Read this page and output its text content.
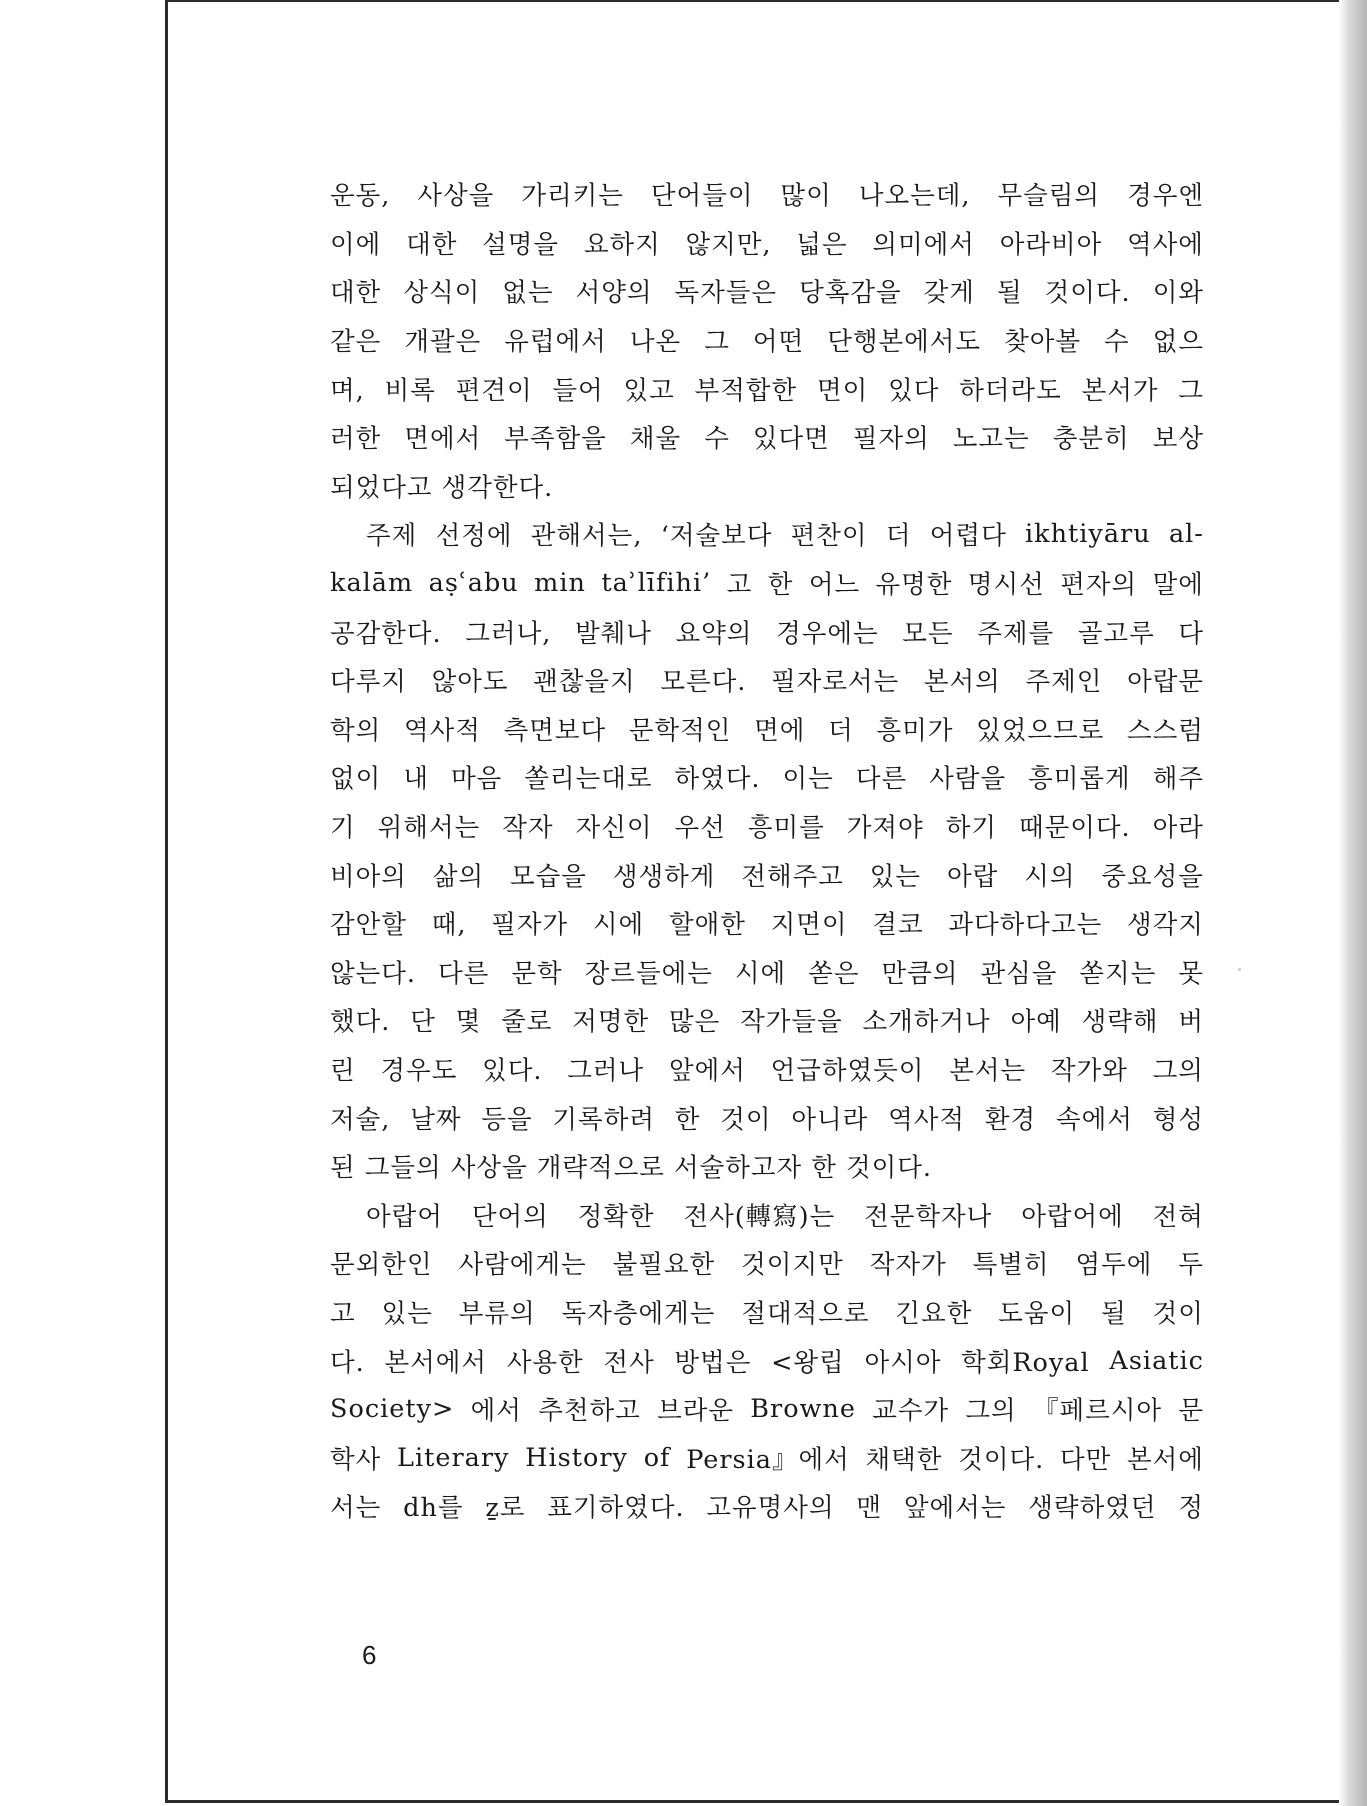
운동, 사상을 가리키는 단어들이 많이 나오는데, 무슬림의 경우엔
이에 대한 설명을 요하지 않지만, 넓은 의미에서 아라비아 역사에
대한 상식이 없는 서양의 독자들은 당혹감을 갖게 될 것이다. 이와
같은 개괄은 유럽에서 나온 그 어떤 단행본에서도 찾아볼 수 없으
며, 비록 편견이 들어 있고 부적합한 면이 있다 하더라도 본서가 그
러한 면에서 부족함을 채울 수 있다면 필자의 노고는 충분히 보상
되었다고 생각한다.
주제 선정에 관해서는, ‘저술보다 편찬이 더 어렵다 ikhtiyāru al-
kalām aṣʿabu min taʾlīfihi’ 고 한 어느 유명한 명시선 편자의 말에
공감한다. 그러나, 발췌나 요약의 경우에는 모든 주제를 골고루 다
다루지 않아도 괜찮을지 모른다. 필자로서는 본서의 주제인 아랍문
학의 역사적 측면보다 문학적인 면에 더 흥미가 있었으므로 스스럼
없이 내 마음 쏠리는대로 하였다. 이는 다른 사람을 흥미롭게 해주
기 위해서는 작자 자신이 우선 흥미를 가져야 하기 때문이다. 아라
비아의 삶의 모습을 생생하게 전해주고 있는 아랍 시의 중요성을
감안할 때, 필자가 시에 할애한 지면이 결코 과다하다고는 생각지
않는다. 다른 문학 장르들에는 시에 쏟은 만큼의 관심을 쏟지는 못
했다. 단 몇 줄로 저명한 많은 작가들을 소개하거나 아예 생략해 버
린 경우도 있다. 그러나 앞에서 언급하였듯이 본서는 작가와 그의
저술, 날짜 등을 기록하려 한 것이 아니라 역사적 환경 속에서 형성
된 그들의 사상을 개략적으로 서술하고자 한 것이다.
아랍어 단어의 정확한 전사(轉寫)는 전문학자나 아랍어에 전혀
문외한인 사람에게는 불필요한 것이지만 작자가 특별히 염두에 두
고 있는 부류의 독자층에게는 절대적으로 긴요한 도움이 될 것이
다. 본서에서 사용한 전사 방법은 <왕립 아시아 학회Royal Asiatic
Society> 에서 추천하고 브라운 Browne 교수가 그의 『페르시아 문
학사 Literary History of Persia』에서 채택한 것이다. 다만 본서에
서는 dh를 ẕ로 표기하였다. 고유명사의 맨 앞에서는 생략하였던 정
6
